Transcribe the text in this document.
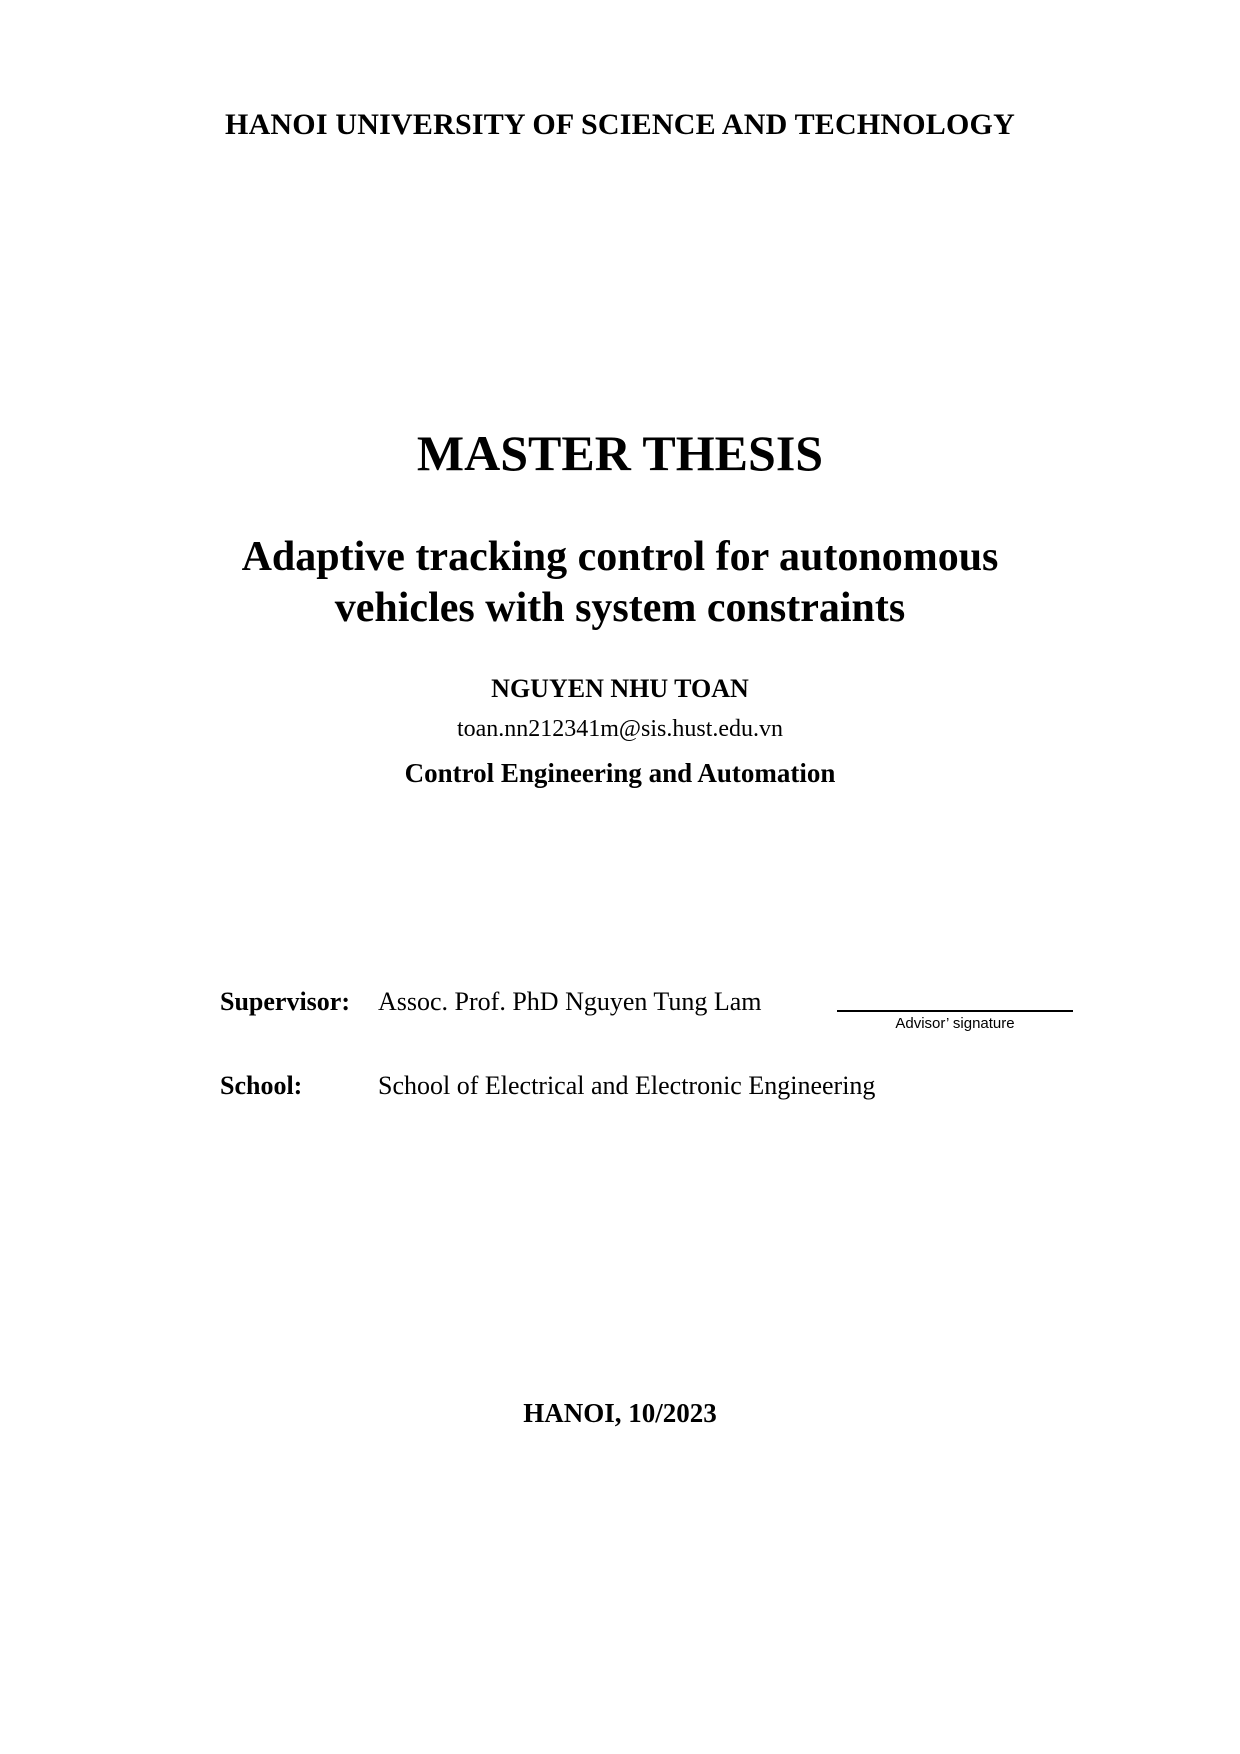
HANOI UNIVERSITY OF SCIENCE AND TECHNOLOGY
MASTER THESIS
Adaptive tracking control for autonomous
vehicles with system constraints
NGUYEN NHU TOAN
toan.nn212341m@sis.hust.edu.vn
Control Engineering and Automation
Supervisor: Assoc. Prof. PhD Nguyen Tung Lam
Advisor’ signature
School:	School of Electrical and Electronic Engineering
HANOI, 10/2023
